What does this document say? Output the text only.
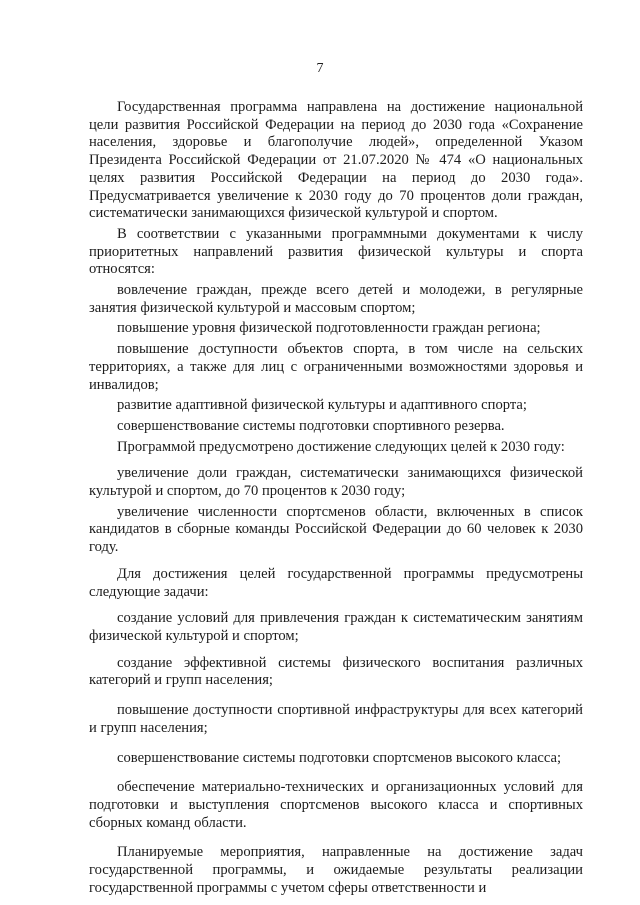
7

Государственная программа направлена на достижение национальной цели развития Российской Федерации на период до 2030 года «Сохранение населения, здоровье и благополучие людей», определенной Указом Президента Российской Федерации от 21.07.2020 № 474 «О национальных целях развития Российской Федерации на период до 2030 года». Предусматривается увеличение к 2030 году до 70 процентов доли граждан, систематически занимающихся физической культурой и спортом.

В соответствии с указанными программными документами к числу приоритетных направлений развития физической культуры и спорта относятся:

вовлечение граждан, прежде всего детей и молодежи, в регулярные занятия физической культурой и массовым спортом;

повышение уровня физической подготовленности граждан региона;

повышение доступности объектов спорта, в том числе на сельских территориях, а также для лиц с ограниченными возможностями здоровья и инвалидов;

развитие адаптивной физической культуры и адаптивного спорта;

совершенствование системы подготовки спортивного резерва.

Программой предусмотрено достижение следующих целей к 2030 году:

увеличение доли граждан, систематически занимающихся физической культурой и спортом, до 70 процентов к 2030 году;

увеличение численности спортсменов области, включенных в список кандидатов в сборные команды Российской Федерации до 60 человек к 2030 году.

Для достижения целей государственной программы предусмотрены следующие задачи:

создание условий для привлечения граждан к систематическим занятиям физической культурой и спортом;

создание эффективной системы физического воспитания различных категорий и групп населения;

повышение доступности спортивной инфраструктуры для всех категорий и групп населения;

совершенствование системы подготовки спортсменов высокого класса;

обеспечение материально-технических и организационных условий для подготовки и выступления спортсменов высокого класса и спортивных сборных команд области.

Планируемые мероприятия, направленные на достижение задач государственной программы, и ожидаемые результаты реализации государственной программы с учетом сферы ответственности и
